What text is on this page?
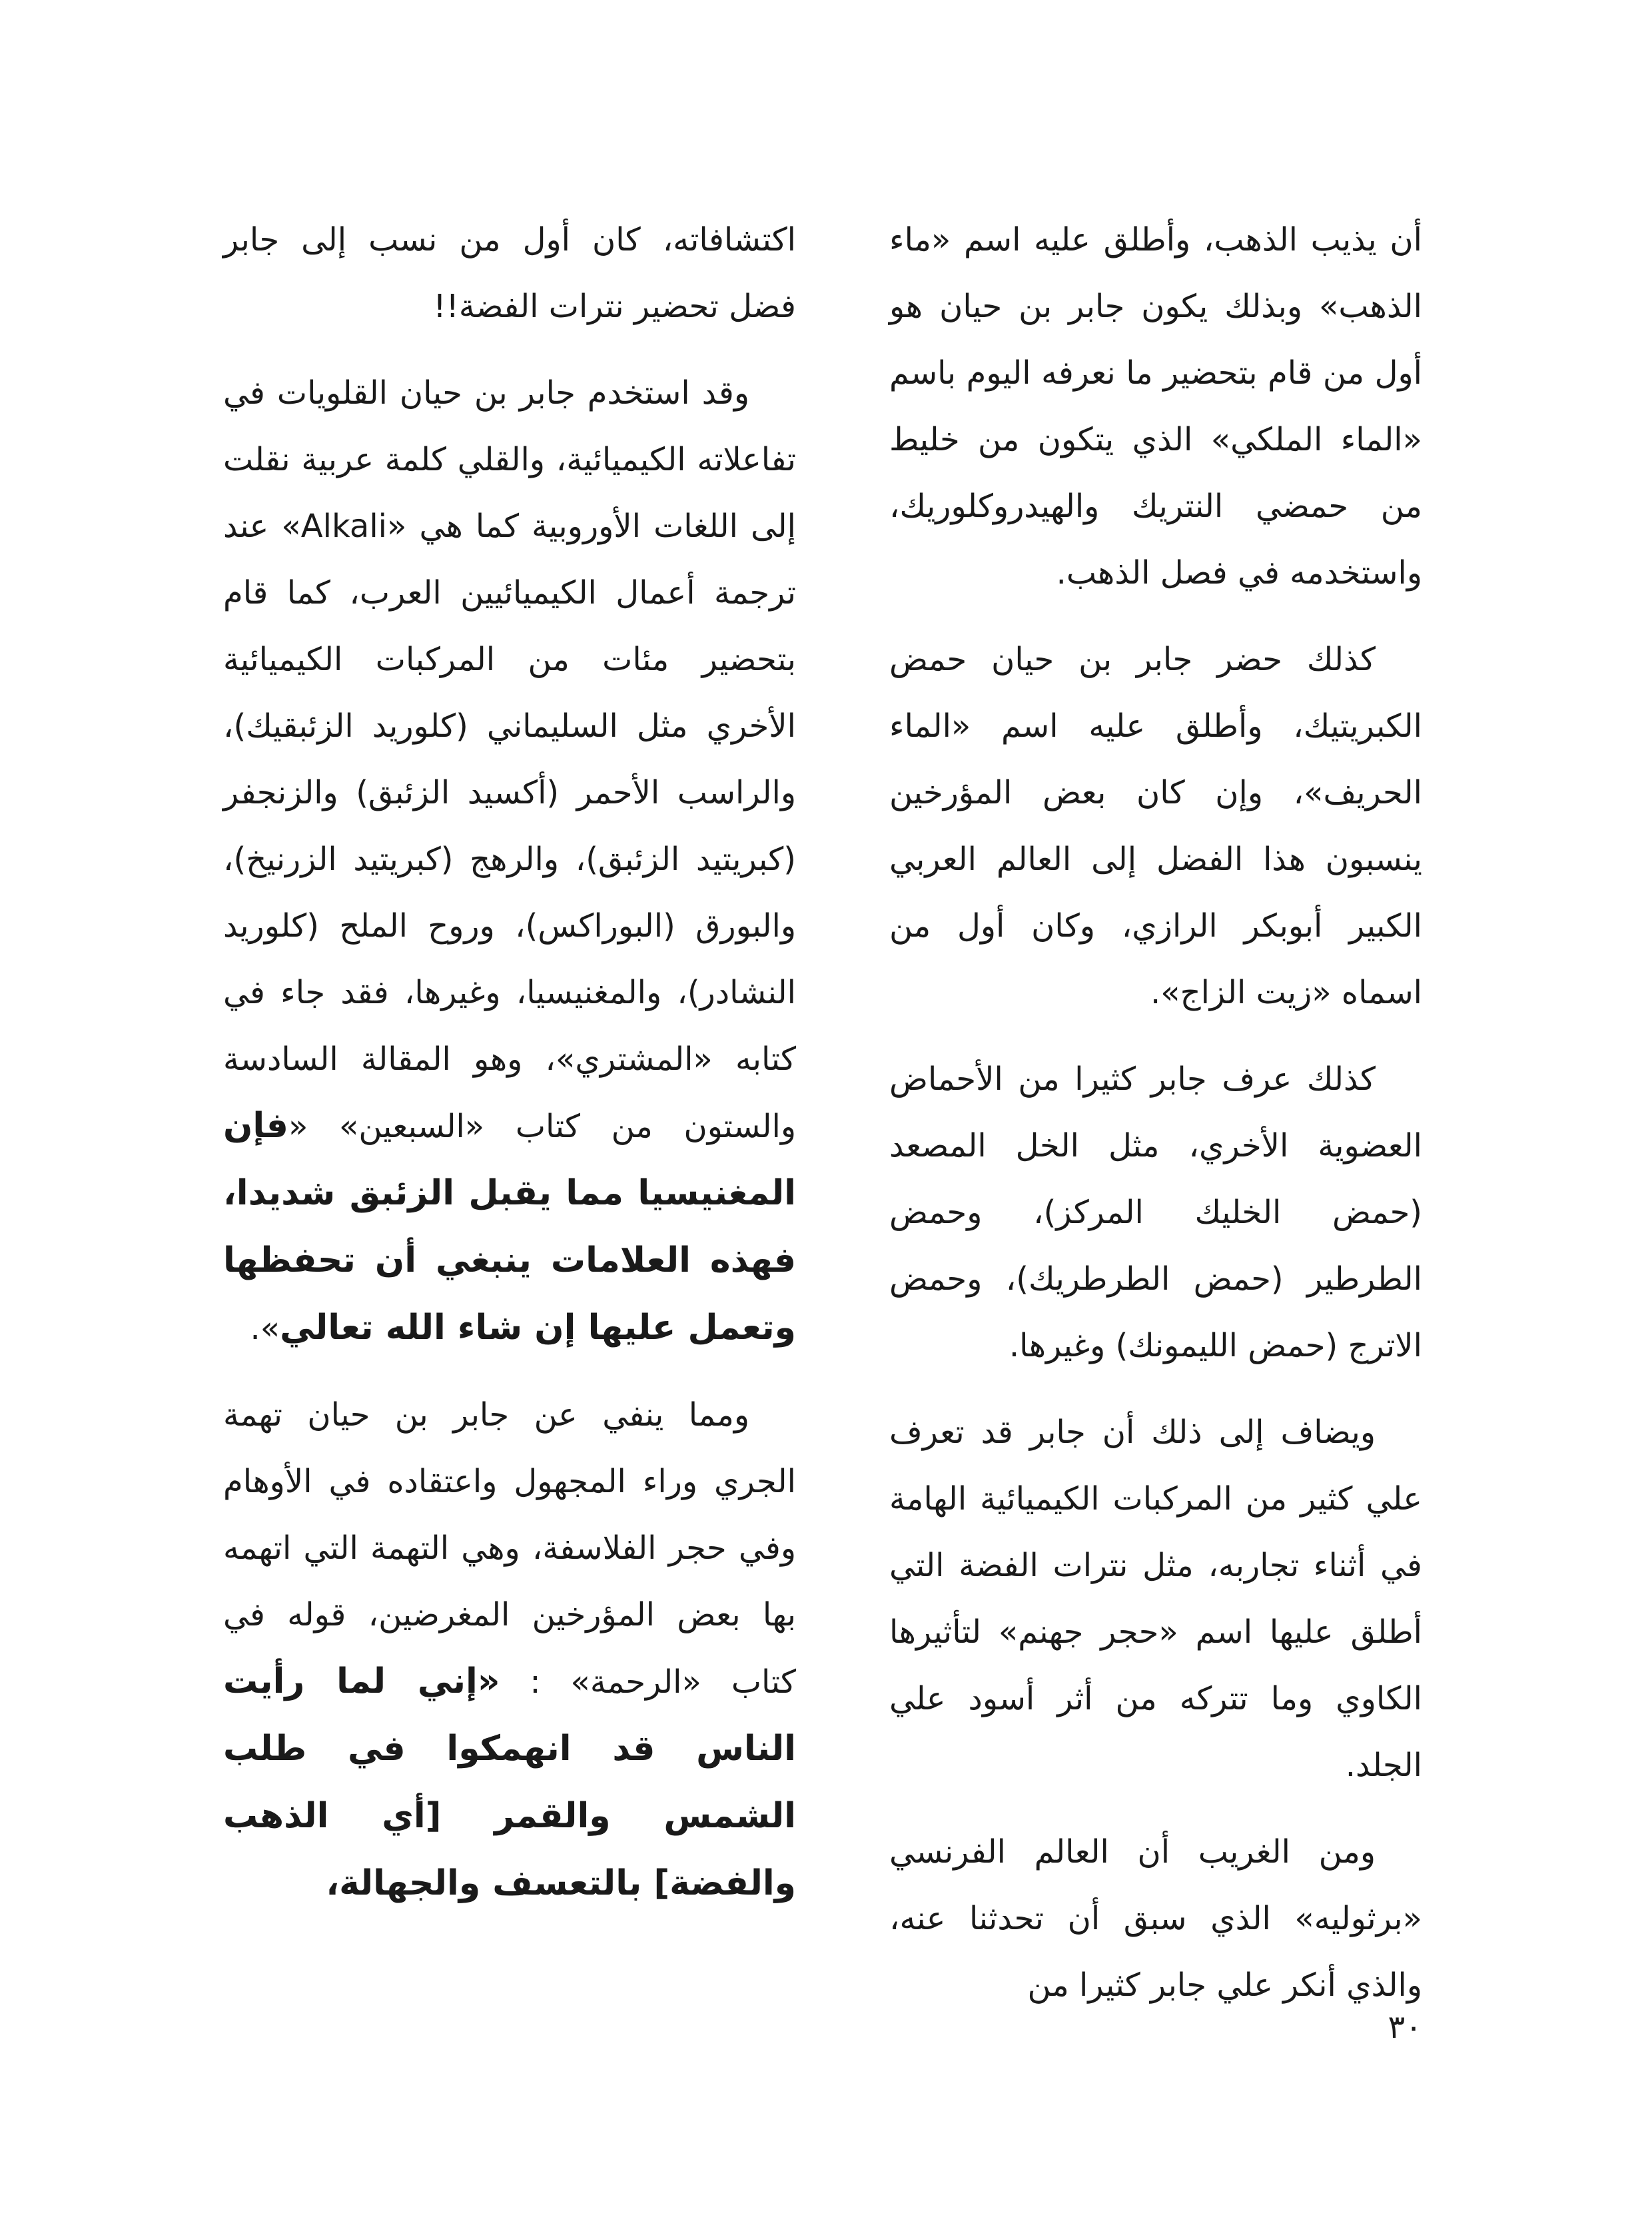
أن يذيب الذهب، وأطلق عليه اسم «ماء الذهب» وبذلك يكون جابر بن حيان هو أول من قام بتحضير ما نعرفه اليوم باسم «الماء الملكي» الذي يتكون من خليط من حمضي النتريك والهيدروكلوريك، واستخدمه في فصل الذهب.

كذلك حضر جابر بن حيان حمض الكبريتيك، وأطلق عليه اسم «الماء الحريف»، وإن كان بعض المؤرخين ينسبون هذا الفضل إلى العالم العربي الكبير أبوبكر الرازي، وكان أول من اسماه «زيت الزاج».

كذلك عرف جابر كثيرا من الأحماض العضوية الأخري، مثل الخل المصعد (حمض الخليك المركز)، وحمض الطرطير (حمض الطرطريك)، وحمض الاترج (حمض الليمونك) وغيرها.

ويضاف إلى ذلك أن جابر قد تعرف علي كثير من المركبات الكيميائية الهامة في أثناء تجاربه، مثل نترات الفضة التي أطلق عليها اسم «حجر جهنم» لتأثيرها الكاوي وما تتركه من أثر أسود علي الجلد.

ومن الغريب أن العالم الفرنسي «برثوليه» الذي سبق أن تحدثنا عنه، والذي أنكر علي جابر كثيرا من

اكتشافاته، كان أول من نسب إلى جابر فضل تحضير نترات الفضة!!

وقد استخدم جابر بن حيان القلويات في تفاعلاته الكيميائية، والقلي كلمة عربية نقلت إلى اللغات الأوروبية كما هي «Alkali» عند ترجمة أعمال الكيميائيين العرب، كما قام بتحضير مئات من المركبات الكيميائية الأخري مثل السليماني (كلوريد الزئبقيك)، والراسب الأحمر (أكسيد الزئبق) والزنجفر (كبريتيد الزئبق)، والرهج (كبريتيد الزرنيخ)، والبورق (البوراكس)، وروح الملح (كلوريد النشادر)، والمغنيسيا، وغيرها، فقد جاء في كتابه «المشتري»، وهو المقالة السادسة والستون من كتاب «السبعين» «فإن المغنيسيا مما يقبل الزئبق شديدا، فهذه العلامات ينبغي أن تحفظها وتعمل عليها إن شاء الله تعالي».

ومما ينفي عن جابر بن حيان تهمة الجري وراء المجهول واعتقاده في الأوهام وفي حجر الفلاسفة، وهي التهمة التي اتهمه بها بعض المؤرخين المغرضين، قوله في كتاب «الرحمة» : «إني لما رأيت الناس قد انهمكوا في طلب الشمس والقمر [أي الذهب والفضة] بالتعسف والجهالة،

٣٠
